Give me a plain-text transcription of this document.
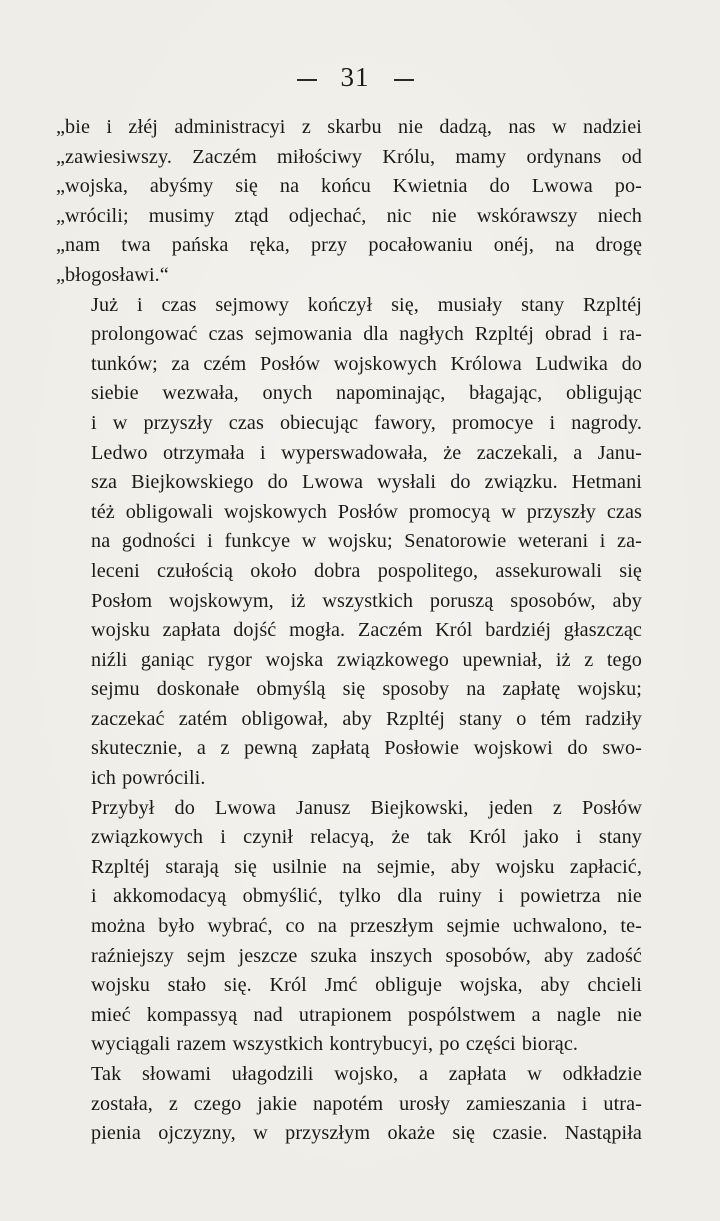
31

„bie i złéj administracyi z skarbu nie dadzą, nas w nadziei
„zawiesiwszy. Zaczém miłościwy Królu, mamy ordynans od
„wojska, abyśmy się na końcu Kwietnia do Lwowa po-
„wrócili; musimy ztąd odjechać, nic nie wskórawszy niech
„nam twa pańska ręka, przy pocałowaniu onéj, na drogę
„błogosławi.“

Już i czas sejmowy kończył się, musiały stany Rzpltéj
prolongować czas sejmowania dla nagłych Rzpltéj obrad i ra-
tunków; za czém Posłów wojskowych Królowa Ludwika do
siebie wezwała, onych napominając, błagając, obligując
i w przyszły czas obiecując fawory, promocye i nagrody.
Ledwo otrzymała i wyperswadowała, że zaczekali, a Janu-
sza Biejkowskiego do Lwowa wysłali do związku. Hetmani
téż obligowali wojskowych Posłów promocyą w przyszły czas
na godności i funkcye w wojsku; Senatorowie weterani i za-
leceni czułością około dobra pospolitego, assekurowali się
Posłom wojskowym, iż wszystkich poruszą sposobów, aby
wojsku zapłata dojść mogła. Zaczém Król bardziéj głaszcząc
niźli ganiąc rygor wojska związkowego upewniał, iż z tego
sejmu doskonałe obmyślą się sposoby na zapłatę wojsku;
zaczekać zatém obligował, aby Rzpltéj stany o tém radziły
skutecznie, a z pewną zapłatą Posłowie wojskowi do swo-
ich powrócili.

Przybył do Lwowa Janusz Biejkowski, jeden z Posłów
związkowych i czynił relacyą, że tak Król jako i stany
Rzpltéj starają się usilnie na sejmie, aby wojsku zapłacić,
i akkomodacyą obmyślić, tylko dla ruiny i powietrza nie
można było wybrać, co na przeszłym sejmie uchwalono, te-
raźniejszy sejm jeszcze szuka inszych sposobów, aby zadość
wojsku stało się. Król Jmć obliguje wojska, aby chcieli
mieć kompassyą nad utrapionem pospólstwem a nagle nie
wyciągali razem wszystkich kontrybucyi, po części biorąc.

Tak słowami ułagodzili wojsko, a zapłata w odkładzie
została, z czego jakie napotém urosły zamieszania i utra-
pienia ojczyzny, w przyszłym okaże się czasie. Nastąpiła
